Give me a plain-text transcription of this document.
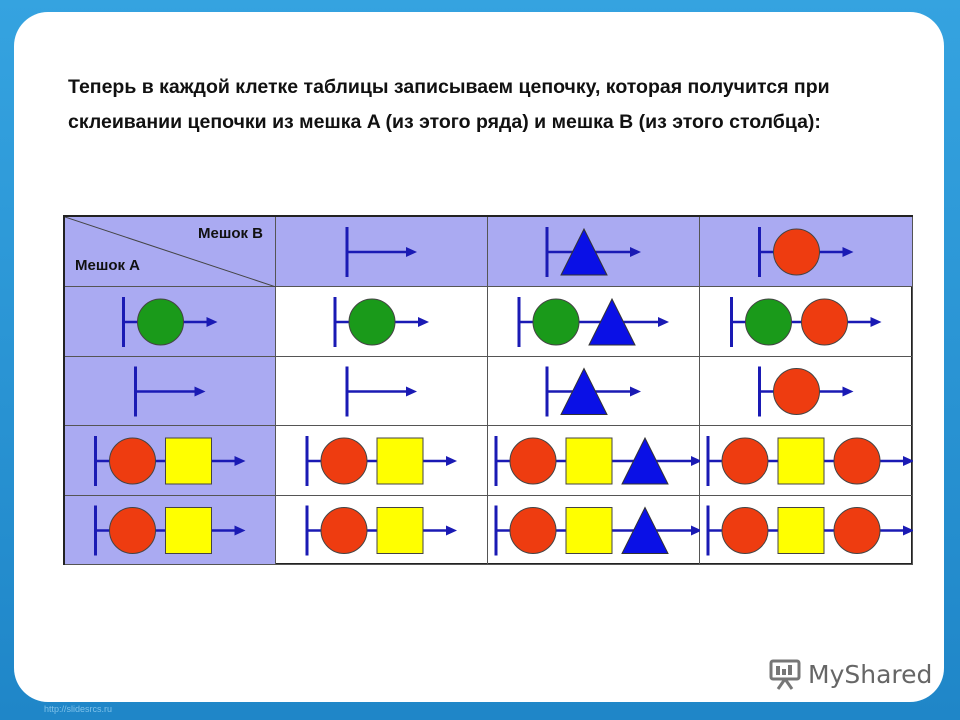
Теперь в каждой клетке таблицы записываем цепочку, которая получится при склеивании цепочки из мешка A (из этого ряда) и мешка B (из этого столбца):
Мешок B
Мешок A
MyShared
http://slidesrcs.ru
